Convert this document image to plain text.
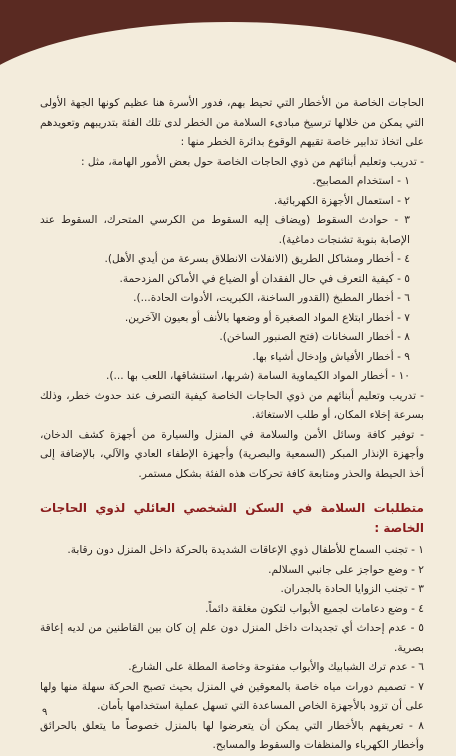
الحاجات الخاصة من الأخطار التي تحيط بهم، فدور الأسرة هنا عظيم كونها الجهة الأولى التي يمكن من خلالها ترسيخ مبادىء السلامة من الخطر لدى تلك الفئة بتدريبهم وتعويدهم على اتخاذ تدابير خاصة تقيهم الوقوع بدائرة الخطر منها :

- تدريب وتعليم أبنائهم من ذوي الحاجات الخاصة حول بعض الأمور الهامة، مثل :

١ - استخدام المصابيح.
٢ - استعمال الأجهزة الكهربائية.
٣ - حوادث السقوط (ويضاف إليه السقوط من الكرسي المتحرك، السقوط عند الإصابة بنوبة تشنجات دماغية).
٤ - أخطار ومشاكل الطريق (الانفلات الانطلاق بسرعة من أيدي الأهل).
٥ - كيفية التعرف في حال الفقدان أو الضياع في الأماكن المزدحمة.
٦ - أخطار المطبخ (القدور الساخنة، الكبريت، الأدوات الحادة...).
٧ - أخطار ابتلاع المواد الصغيرة أو وضعها بالأنف أو بعيون الآخرين.
٨ - أخطار السخانات (فتح الصنبور الساخن).
٩ - أخطار الأفياش وإدخال أشياء بها.
١٠ - أخطار المواد الكيماوية السامة (شربها، استنشاقها، اللعب بها ...).

- تدريب وتعليم أبنائهم من ذوي الحاجات الخاصة كيفية التصرف عند حدوث خطر، وذلك بسرعة إخلاء المكان، أو طلب الاستغاثة.

- توفير كافة وسائل الأمن والسلامة في المنزل والسيارة من أجهزة كشف الدخان، وأجهزة الإنذار المبكر (السمعية والبصرية) وأجهزة الإطفاء العادي والآلي، بالإضافة إلى أخذ الحيطة والحذر ومتابعة كافة تحركات هذه الفئة بشكل مستمر.

متطلبات السلامة في السكن الشخصي العائلي لذوي الحاجات الخاصة :
١ - تجنب السماح للأطفال ذوي الإعاقات الشديدة بالحركة داخل المنزل دون رقابة.
٢ - وضع حواجز على جانبي السلالم.
٣ - تجنب الزوايا الحادة بالجدران.
٤ - وضع دعامات لجميع الأبواب لتكون مغلقة دائماً.
٥ - عدم إحداث أي تجديدات داخل المنزل دون علم إن كان بين القاطنين من لديه إعاقة بصرية.
٦ - عدم ترك الشبابيك والأبواب مفتوحة وخاصة المطلة على الشارع.
٧ - تصميم دورات مياه خاصة بالمعوقين في المنزل بحيث تصبح الحركة سهلة منها ولها على أن تزود بالأجهزة الخاص المساعدة التي تسهل عملية استخدامها بأمان.
٨ - تعريفهم بالأخطار التي يمكن أن يتعرضوا لها بالمنزل خصوصاً ما يتعلق بالحرائق وأخطار الكهرباء والمنظفات والسقوط والمسابح.
٩
